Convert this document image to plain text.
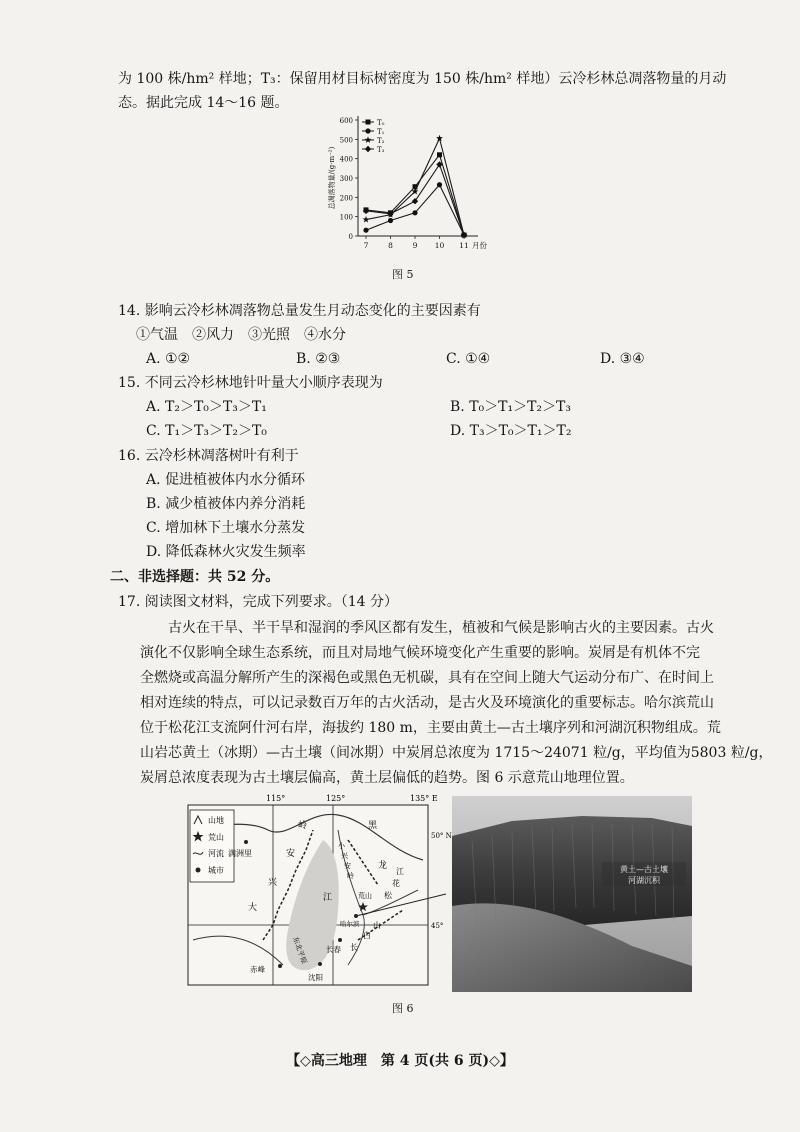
为 100 株/hm² 样地；T₃：保留用材目标树密度为 150 株/hm² 样地）云冷杉林总凋落物量的月动
态。据此完成 14～16 题。
0
100
200
300
400
500
600
7	8	9 10 11 月份
总凋落物量/(g·m⁻²)
T₀
T₁
T₂
T₃
图 5
14. 影响云冷杉林凋落物总量发生月动态变化的主要因素有
①气温　②风力　③光照　④水分
A. ①②	B. ②③	C. ①④	D. ③④
15. 不同云冷杉林地针叶量大小顺序表现为
A. T₂＞T₀＞T₃＞T₁	B. T₀＞T₁＞T₂＞T₃
C. T₁＞T₃＞T₂＞T₀	D. T₃＞T₀＞T₁＞T₂
16. 云冷杉林凋落树叶有利于
A. 促进植被体内水分循环
B. 减少植被体内养分消耗
C. 增加林下土壤水分蒸发
D. 降低森林火灾发生频率
二、非选择题：共 52 分。
17. 阅读图文材料，完成下列要求。（14 分）
古火在干旱、半干旱和湿润的季风区都有发生，植被和气候是影响古火的主要因素。古火
演化不仅影响全球生态系统，而且对局地气候环境变化产生重要的影响。炭屑是有机体不完
全燃烧或高温分解所产生的深褐色或黑色无机碳，具有在空间上随大气运动分布广、在时间上
相对连续的特点，可以记录数百万年的古火活动，是古火及环境演化的重要标志。哈尔滨荒山
位于松花江支流阿什河右岸，海拔约 180 m，主要由黄土—古土壤序列和河湖沉积物组成。荒
山岩芯黄土（冰期）—古土壤（间冰期）中炭屑总浓度为 1715～24071 粒/g，平均值为5803 粒/g，
炭屑总浓度表现为古土壤层偏高，黄土层偏低的趋势。图 6 示意荒山地理位置。
山地
荒山
河流
城市
115°	125°	135° E
50° N
45°
满洲里
哈尔滨
长春
沈阳
赤峰
大
兴
安
岭
小
兴
安
岭
黑
龙
江	松
花
江
长
白
山
东北平原
荒山
黄土—古土壤
河湖沉积
图 6
【◇高三地理　第 4 页(共 6 页)◇】
